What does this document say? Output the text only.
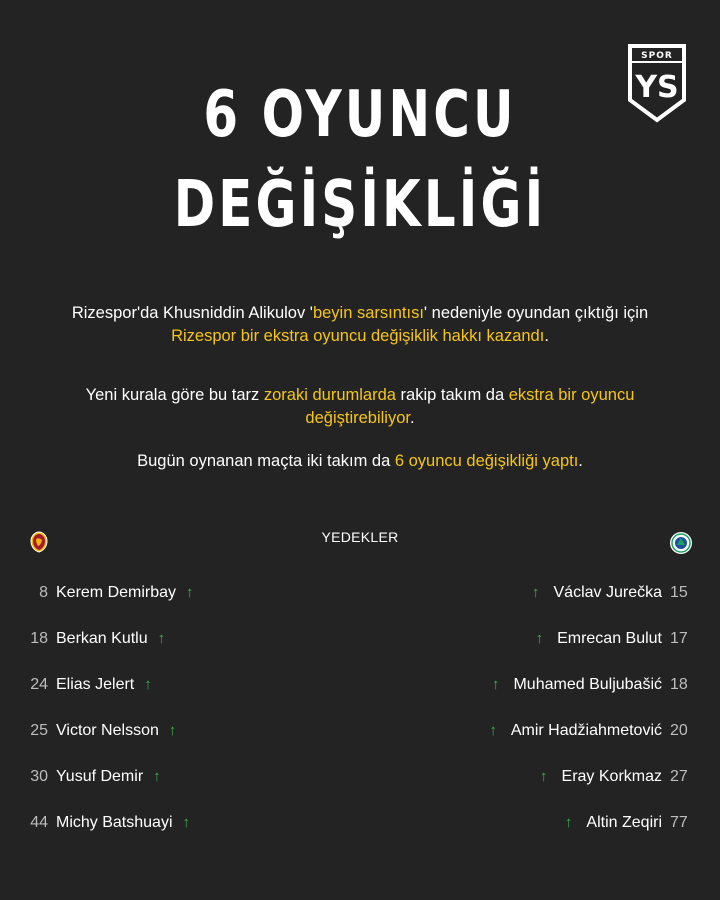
SPOR
YS
6 OYUNCU
DEĞİŞİKLİĞİ
Rizespor'da Khusniddin Alikulov 'beyin sarsıntısı' nedeniyle oyundan çıktığı için Rizespor bir ekstra oyuncu değişiklik hakkı kazandı.
Yeni kurala göre bu tarz zoraki durumlarda rakip takım da ekstra bir oyuncu değiştirebiliyor.
Bugün oynanan maçta iki takım da 6 oyuncu değişikliği yaptı.
YEDEKLER
8 Kerem Demirbay ↑
18 Berkan Kutlu ↑
24 Elias Jelert ↑
25 Victor Nelsson ↑
30 Yusuf Demir ↑
44 Michy Batshuayi ↑
↑ Václav Jurečka 15
↑ Emrecan Bulut 17
↑ Muhamed Buljubašić 18
↑ Amir Hadžiahmetović 20
↑ Eray Korkmaz 27
↑ Altin Zeqiri 77
